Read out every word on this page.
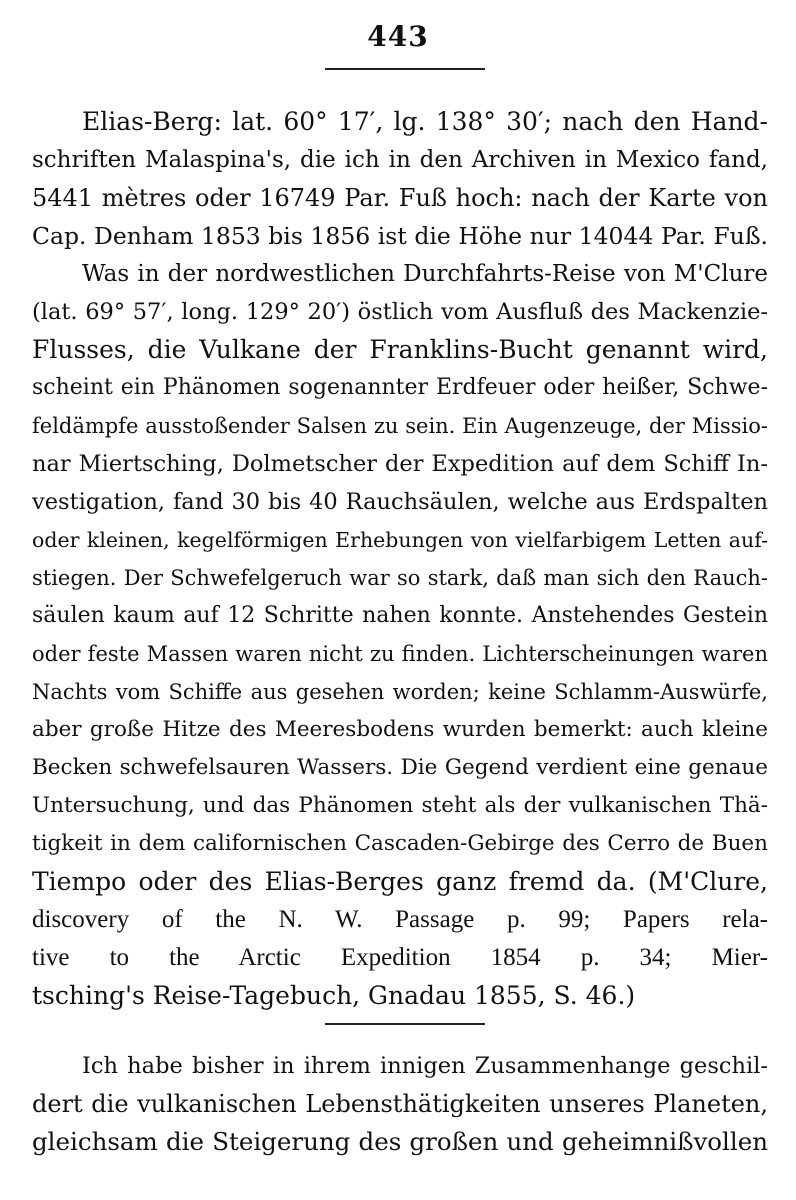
443
Elias-Berg: lat. 60° 17′, lg. 138° 30′; nach den Hand-
schriften Malaspina's, die ich in den Archiven in Mexico fand,
5441 mètres oder 16749 Par. Fuß hoch: nach der Karte von
Cap. Denham 1853 bis 1856 ist die Höhe nur 14044 Par. Fuß.
Was in der nordwestlichen Durchfahrts-Reise von M'Clure
(lat. 69° 57′, long. 129° 20′) östlich vom Ausfluß des Mackenzie-
Flusses, die Vulkane der Franklins-Bucht genannt wird,
scheint ein Phänomen sogenannter Erdfeuer oder heißer, Schwe-
feldämpfe ausstoßender Salsen zu sein. Ein Augenzeuge, der Missio-
nar Miertsching, Dolmetscher der Expedition auf dem Schiff In-
vestigation, fand 30 bis 40 Rauchsäulen, welche aus Erdspalten
oder kleinen, kegelförmigen Erhebungen von vielfarbigem Letten auf-
stiegen. Der Schwefelgeruch war so stark, daß man sich den Rauch-
säulen kaum auf 12 Schritte nahen konnte. Anstehendes Gestein
oder feste Massen waren nicht zu finden. Lichterscheinungen waren
Nachts vom Schiffe aus gesehen worden; keine Schlamm-Auswürfe,
aber große Hitze des Meeresbodens wurden bemerkt: auch kleine
Becken schwefelsauren Wassers. Die Gegend verdient eine genaue
Untersuchung, und das Phänomen steht als der vulkanischen Thä-
tigkeit in dem californischen Cascaden-Gebirge des Cerro de Buen
Tiempo oder des Elias-Berges ganz fremd da. (M'Clure,
discovery of the N. W. Passage p. 99; Papers rela-
tive to the Arctic Expedition 1854 p. 34; Mier-
tsching's Reise-Tagebuch, Gnadau 1855, S. 46.)
Ich habe bisher in ihrem innigen Zusammenhange geschil-
dert die vulkanischen Lebensthätigkeiten unseres Planeten,
gleichsam die Steigerung des großen und geheimnißvollen
